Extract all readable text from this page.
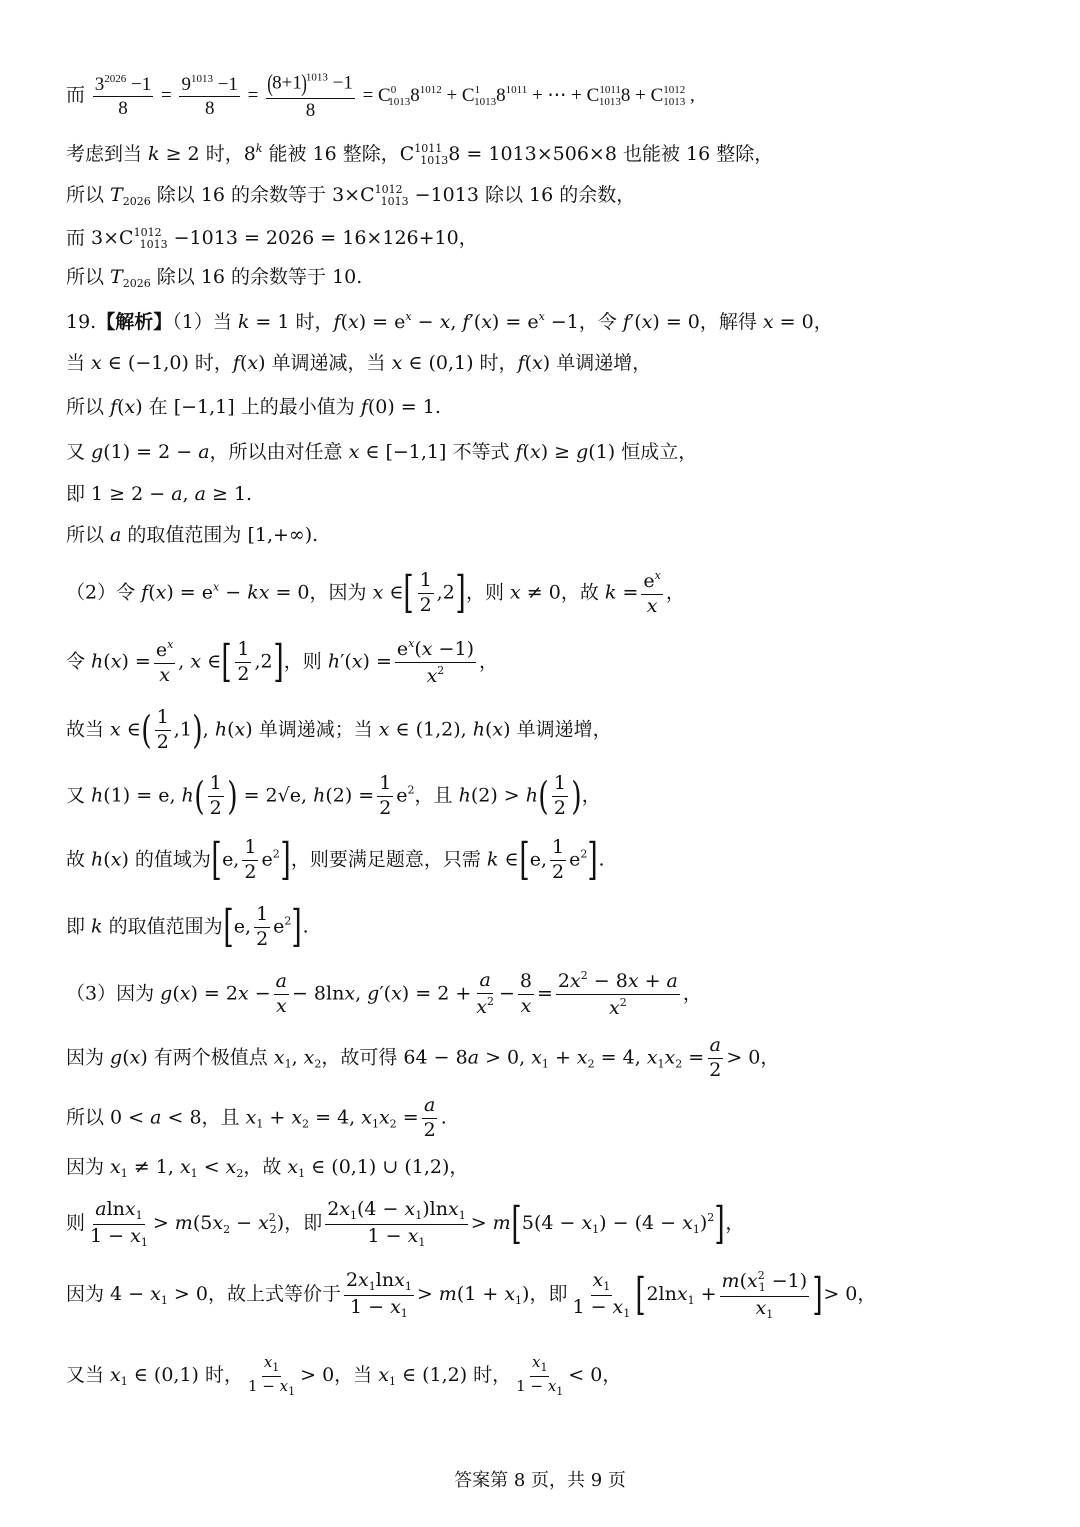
而 $\frac{3^{2026} -1}{8} = \frac{9^{1013} -1}{8} = \frac{(8+1)^{1013} -1}{8} = C^0_{1013}8^{1012} + C^1_{1013}8^{1011}$ + ⋯ + $C^{1011}_{1013}8 + C^{1012}_{1013}$ ,
考虑到当 k ≥ 2 时，8$^k$ 能被 16 整除，$C^{1011}_{1013}8 = 1013\times 506\times 8$ 也能被 16 整除，
所以 $T_{2026}$ 除以 16 的余数等于 $3\times C^{1012}_{1013} -1013$ 除以 16 的余数，
而 $3\times C^{1012}_{1013} -1013 = 2026 = 16\times 126+10$，
所以 $T_{2026}$ 除以 16 的余数等于 10.
19.【解析】（1）当 k = 1 时，$f(x) = e^x - x$, $f'(x) = e^x -1$，令 f′(x) = 0，解得 x = 0，
当 x ∈ (−1,0) 时，f(x) 单调递减，当 x ∈ (0,1) 时，f(x) 单调递增，
所以 f(x) 在 [−1,1] 上的最小值为 f(0) = 1.
又 g(1) = 2 − a，所以由对任意 x ∈ [−1,1] 不等式 f(x) ≥ g(1) 恒成立，
即 1 ≥ 2 − a, a ≥ 1.
所以 a 的取值范围为 [1,+∞).
（2）令 $f(x) = e^x$ − kx = 0，因为 x ∈[ $\frac{1}{2} ,2$]，则 x ≠ 0，故 $k = \frac{e^x}{x}$ ，
令 $h(x) = \frac{e^x}{x}$ , x ∈[ $\frac{1}{2} ,2$]，则 $h'(x) = \frac{e^x(x -1)}{x^2}$ ，
故当 x ∈( $\frac{1}{2} ,1$), h(x) 单调递减；当 x ∈ (1,2), h(x) 单调递增，
又 h(1) = e, $h( \frac{1}{2}$ ) = 2√e, $h(2) = \frac{1}{2} e^2$，且 $h(2) > h( \frac{1}{2}$ )，
故 h(x) 的值域为[e, $\frac{1}{2} e^2$]，则要满足题意，只需 k ∈[e, $\frac{1}{2} e^2$].
即 k 的取值范围为[e, $\frac{1}{2} e^2$].
（3）因为 $g(x) = 2x - \frac{a}{x} - 8\ln x$, $g'(x) = 2 + \frac{a}{x^2} - \frac{8}{x} = \frac{2x^2 - 8x + a}{x^2}$ ，
因为 g(x) 有两个极值点 $x_1$, $x_2$，故可得 64 − 8a > 0, $x_1 + x_2 = 4$, $x_1x_2 = \frac{a}{2} > 0$，
所以 0 < a < 8，且 $x_1 + x_2 = 4$, $x_1x_2 = \frac{a}{2}$ .
因为 $x_1 \ne 1$, $x_1 < x_2$，故 $x_1$ ∈ (0,1) ∪ (1,2)，
则 $\frac{alnx_1}{1 - x_1} > m(5x_2 - x^2_2)$，即 $\frac{2x_1(4 - x_1)\ln x_1}{1 - x_1} > m[5(4 - x_1) - (4 - x_1)^2]$，
因为 $4 - x_1 > 0$，故上式等价于 $\frac{2x_1\ln x_1}{1 - x_1} > m(1 + x_1)$，即 $\frac{x_1}{1 - x_1} [2\ln x_1 + \frac{m(x^2_1 -1)}{x_1}$ ]> 0，
又当 $x_1$ ∈ (0,1) 时， $\frac{x_1}{1 - x_1} > 0$，当 $x_1$ ∈ (1,2) 时， $\frac{x_1}{1 - x_1} < 0$，
答案第 8 页，共 9 页
